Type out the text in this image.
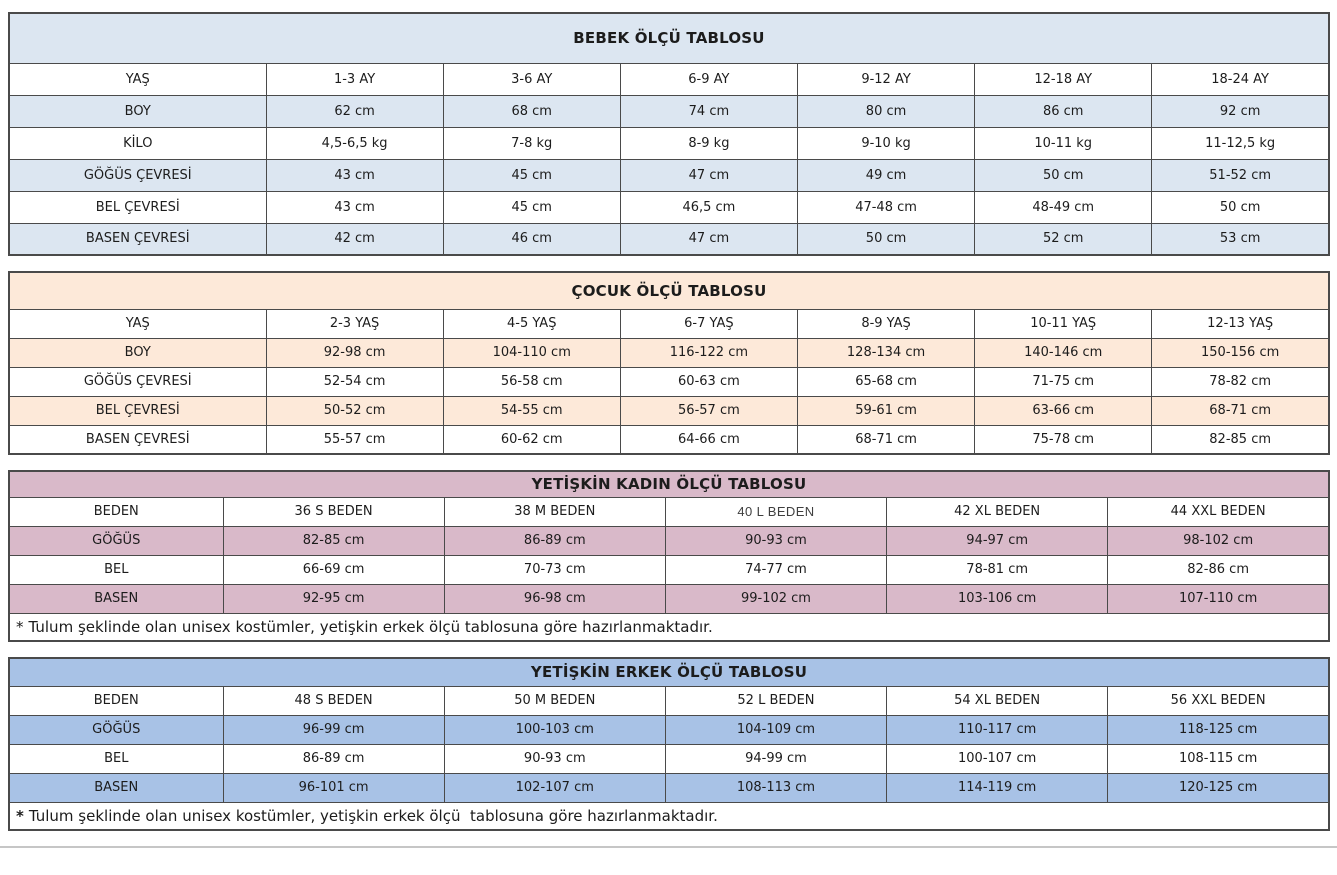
BEBEK ÖLÇÜ TABLOSU						
YAŞ	1-3 AY	3-6 AY	6-9 AY	9-12 AY	12-18 AY	18-24 AY
BOY	62 cm	68 cm	74 cm	80 cm	86 cm	92 cm
KİLO	4,5-6,5 kg	7-8 kg	8-9 kg	9-10 kg	10-11 kg	11-12,5 kg
GÖĞÜS ÇEVRESİ	43 cm	45 cm	47 cm	49 cm	50 cm	51-52 cm
BEL ÇEVRESİ	43 cm	45 cm	46,5 cm	47-48 cm	48-49 cm	50 cm
BASEN ÇEVRESİ	42 cm	46 cm	47 cm	50 cm	52 cm	53 cm
ÇOCUK ÖLÇÜ TABLOSU						
YAŞ	2-3 YAŞ	4-5 YAŞ	6-7 YAŞ	8-9 YAŞ	10-11 YAŞ	12-13 YAŞ
BOY	92-98 cm	104-110 cm	116-122 cm	128-134 cm	140-146 cm	150-156 cm
GÖĞÜS ÇEVRESİ	52-54 cm	56-58 cm	60-63 cm	65-68 cm	71-75 cm	78-82 cm
BEL ÇEVRESİ	50-52 cm	54-55 cm	56-57 cm	59-61 cm	63-66 cm	68-71 cm
BASEN ÇEVRESİ	55-57 cm	60-62 cm	64-66 cm	68-71 cm	75-78 cm	82-85 cm
YETİŞKİN KADIN ÖLÇÜ TABLOSU					
BEDEN	36 S BEDEN	38 M BEDEN	40 L BEDEN	42 XL BEDEN	44 XXL BEDEN
GÖĞÜS	82-85 cm	86-89 cm	90-93 cm	94-97 cm	98-102 cm
BEL	66-69 cm	70-73 cm	74-77 cm	78-81 cm	82-86 cm
BASEN	92-95 cm	96-98 cm	99-102 cm	103-106 cm	107-110 cm
* Tulum şeklinde olan unisex kostümler, yetişkin erkek ölçü tablosuna göre hazırlanmaktadır.					
YETİŞKİN ERKEK ÖLÇÜ TABLOSU					
BEDEN	48 S BEDEN	50 M BEDEN	52 L BEDEN	54 XL BEDEN	56 XXL BEDEN
GÖĞÜS	96-99 cm	100-103 cm	104-109 cm	110-117 cm	118-125 cm
BEL	86-89 cm	90-93 cm	94-99 cm	100-107 cm	108-115 cm
BASEN	96-101 cm	102-107 cm	108-113 cm	114-119 cm	120-125 cm
* Tulum şeklinde olan unisex kostümler, yetişkin erkek ölçü  tablosuna göre hazırlanmaktadır.					
